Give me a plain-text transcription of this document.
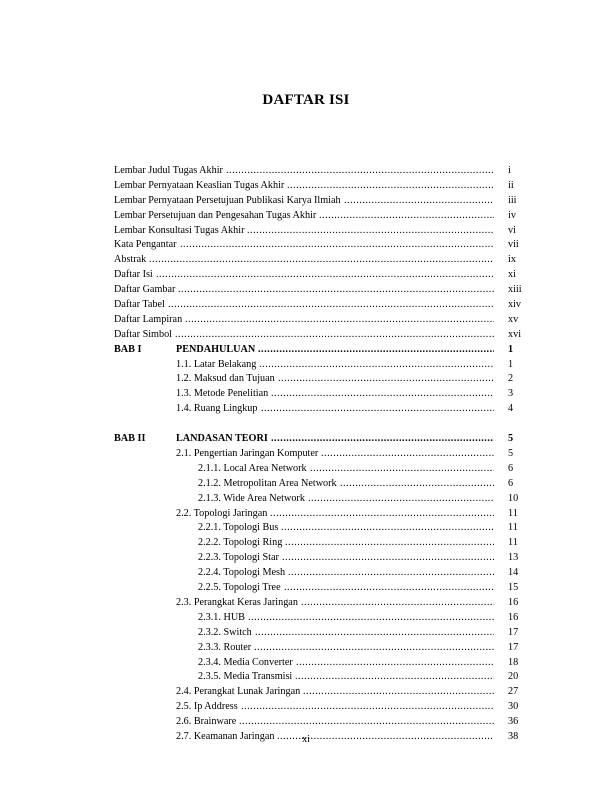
DAFTAR ISI
.....
Lembar Judul Tugas Akhir	i
.....
Lembar Pernyataan Keaslian Tugas Akhir	ii
.....
Lembar Pernyataan Persetujuan Publikasi Karya Ilmiah	iii
.....
Lembar Persetujuan dan Pengesahan Tugas Akhir	iv
.....
Lembar Konsultasi Tugas Akhir	vi
.....
Kata Pengantar	vii
.....
Abstrak	ix
.....
Daftar Isi	xi
.....
Daftar Gambar	xiii
.....
Daftar Tabel	xiv
.....
Daftar Lampiran	xv
.....
Daftar Simbol	xvi
.....
BAB I	PENDAHULUAN	1
.....
1.1. Latar Belakang	1
.....
1.2. Maksud dan Tujuan	2
.....
1.3. Metode Penelitian	3
.....
1.4. Ruang Lingkup	4
.....
BAB II	LANDASAN TEORI	5
.....
2.1. Pengertian Jaringan Komputer	5
.....
2.1.1. Local Area Network	6
.....
2.1.2. Metropolitan Area Network	6
.....
2.1.3. Wide Area Network	10
.....
2.2. Topologi Jaringan	11
.....
2.2.1. Topologi Bus	11
.....
2.2.2. Topologi Ring	11
.....
2.2.3. Topologi Star	13
.....
2.2.4. Topologi Mesh	14
.....
2.2.5. Topologi Tree	15
.....
2.3. Perangkat Keras Jaringan	16
.....
2.3.1. HUB	16
.....
2.3.2. Switch	17
.....
2.3.3. Router	17
.....
2.3.4. Media Converter	18
.....
2.3.5. Media Transmisi	20
.....
2.4. Perangkat Lunak Jaringan	27
.....
2.5. Ip Address	30
.....
2.6. Brainware	36
.....
2.7. Keamanan Jaringan	38
xi
